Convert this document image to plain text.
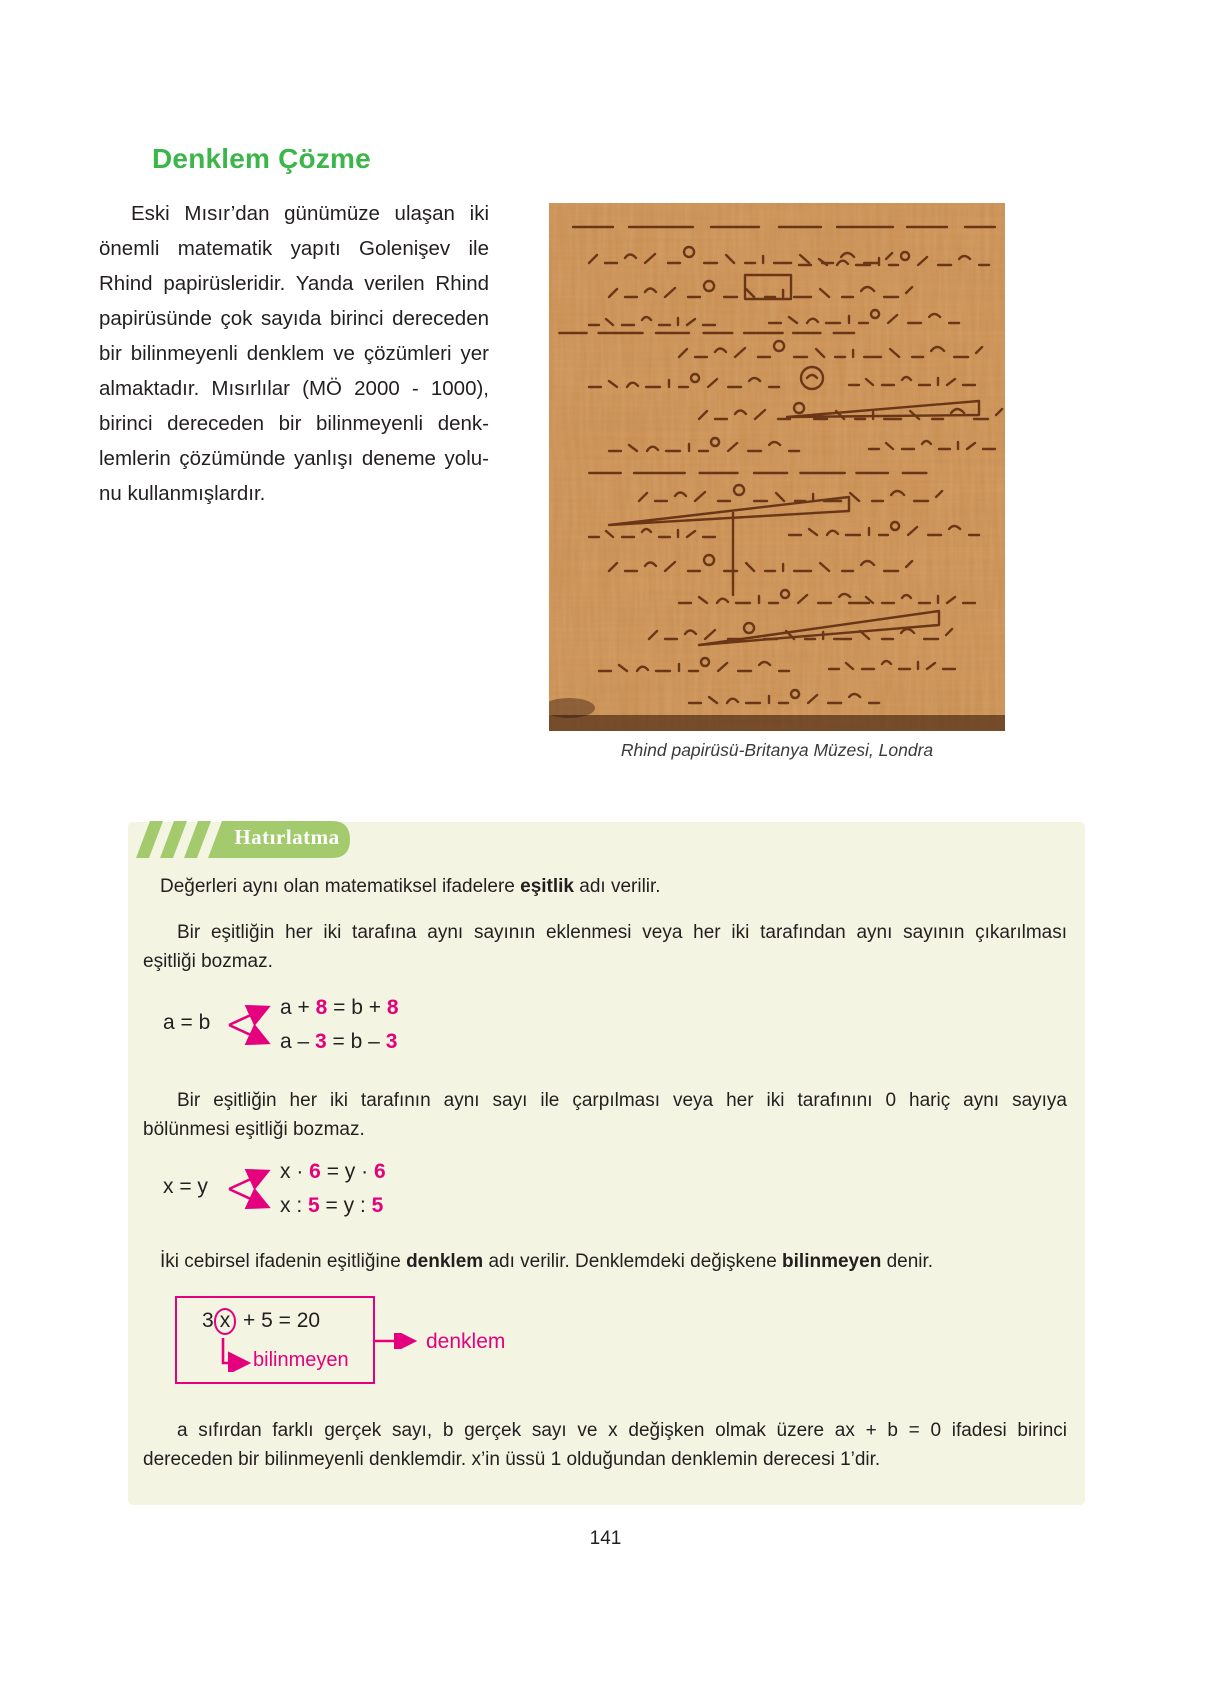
Denklem Çözme
Eski Mısır’dan günümüze ulaşan iki
önemli matematik yapıtı Golenişev ile
Rhind papirüsleridir. Yanda verilen Rhind
papirüsünde çok sayıda birinci dereceden
bir bilinmeyenli denklem ve çözümleri yer
almaktadır. Mısırlılar (MÖ 2000 - 1000),
birinci dereceden bir bilinmeyenli denk-
lemlerin çözümünde yanlışı deneme yolu-
nu kullanmışlardır.
Rhind papirüsü-Britanya Müzesi, Londra
Hatırlatma
Değerleri aynı olan matematiksel ifadelere eşitlik adı verilir.
Bir eşitliğin her iki tarafına aynı sayının eklenmesi veya her iki tarafından aynı sayının çıkarılması
eşitliği bozmaz.
a = b
a + 8 = b + 8
a – 3 = b – 3
Bir eşitliğin her iki tarafının aynı sayı ile çarpılması veya her iki tarafınını 0 hariç aynı sayıya
bölünmesi eşitliği bozmaz.
x = y
x · 6 = y · 6
x : 5 = y : 5
İki cebirsel ifadenin eşitliğine denklem adı verilir. Denklemdeki değişkene bilinmeyen denir.
3 x + 5 = 20
bilinmeyen
denklem
a sıfırdan farklı gerçek sayı, b gerçek sayı ve x değişken olmak üzere ax + b = 0 ifadesi birinci
dereceden bir bilinmeyenli denklemdir. x’in üssü 1 olduğundan denklemin derecesi 1’dir.
141
